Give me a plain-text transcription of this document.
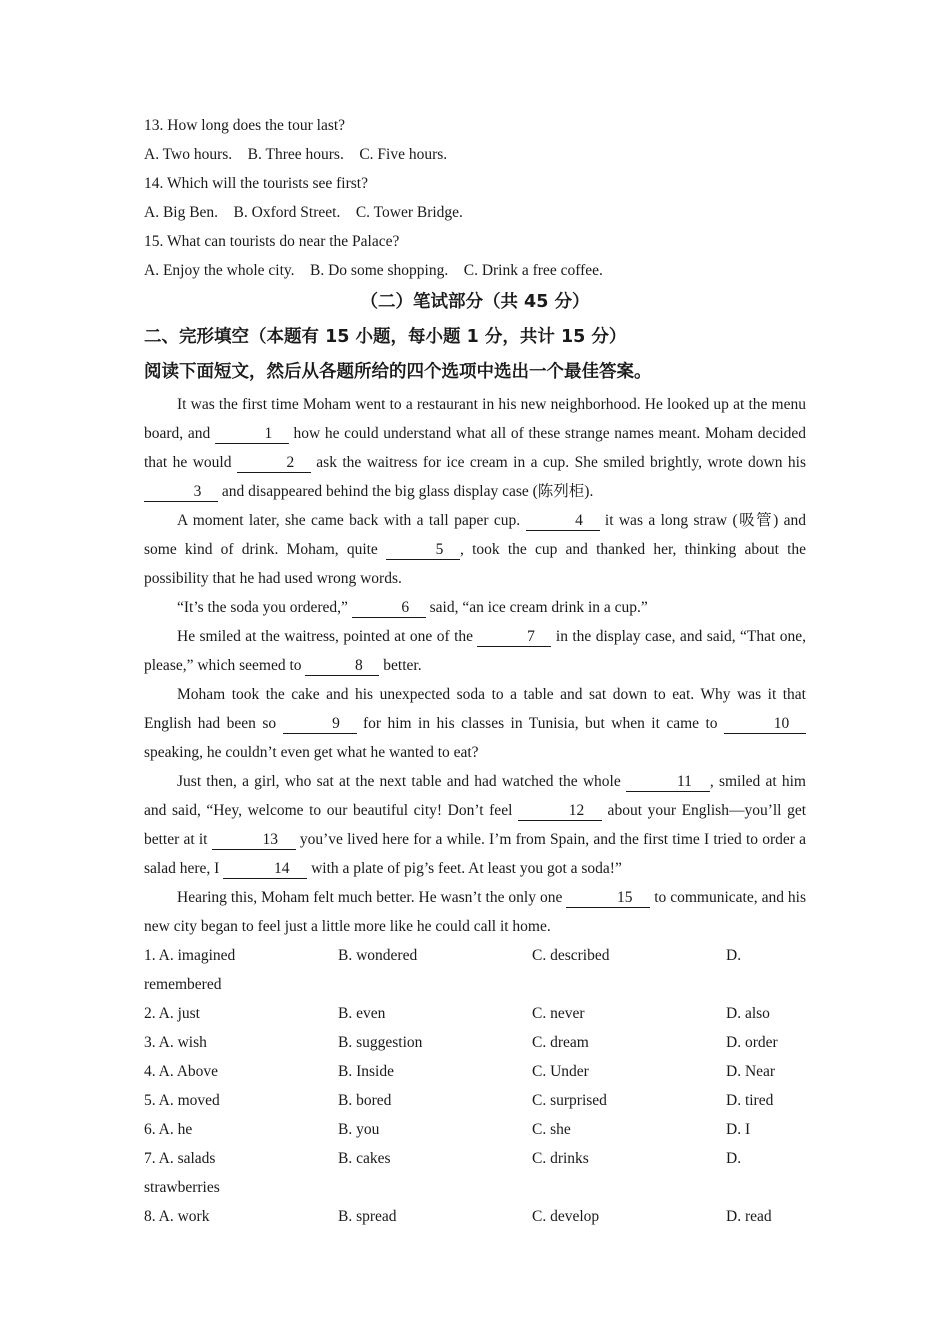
13. How long does the tour last?
A. Two hours.    B. Three hours.    C. Five hours.
14. Which will the tourists see first?
A. Big Ben.    B. Oxford Street.    C. Tower Bridge.
15. What can tourists do near the Palace?
A. Enjoy the whole city.    B. Do some shopping.    C. Drink a free coffee.
（二）笔试部分（共 45 分）
二、完形填空（本题有 15 小题，每小题 1 分，共计 15 分）
阅读下面短文，然后从各题所给的四个选项中选出一个最佳答案。
It was the first time Moham went to a restaurant in his new neighborhood. He looked up at the menu board, and	1 how he could understand what all of these strange names meant. Moham decided that he would	2 ask the waitress for ice cream in a cup. She smiled brightly, wrote down his 3 and disappeared behind the big glass display case (陈列柜).
A moment later, she came back with a tall paper cup.	4 it was a long straw (吸管) and some kind of drink. Moham, quite	5 , took the cup and thanked her, thinking about the possibility that he had used wrong words.
“It’s the soda you ordered,”	6 said, “an ice cream drink in a cup.”
He smiled at the waitress, pointed at one of the	7 in the display case, and said, “That one, please,” which seemed to	8 better.
Moham took the cake and his unexpected soda to a table and sat down to eat. Why was it that English had been so	9 for him in his classes in Tunisia, but when it came to	10 speaking, he couldn’t even get what he wanted to eat?
Just then, a girl, who sat at the next table and had watched the whole	11 , smiled at him and said, “Hey, welcome to our beautiful city! Don’t feel	12 about your English—you’ll get better at it	13 you’ve lived here for a while. I’m from Spain, and the first time I tried to order a salad here, I	14 with a plate of pig’s feet. At least you got a soda!”
Hearing this, Moham felt much better. He wasn’t the only one	15 to communicate, and his new city began to feel just a little more like he could call it home.
1. A. imagined	B. wondered	C. described	D.
remembered
2. A. just	B. even	C. never	D. also
3. A. wish	B. suggestion	C. dream	D. order
4. A. Above	B. Inside	C. Under	D. Near
5. A. moved	B. bored	C. surprised	D. tired
6. A. he	B. you	C. she	D. I
7. A. salads	B. cakes	C. drinks	D.
strawberries
8. A. work	B. spread	C. develop	D. read
